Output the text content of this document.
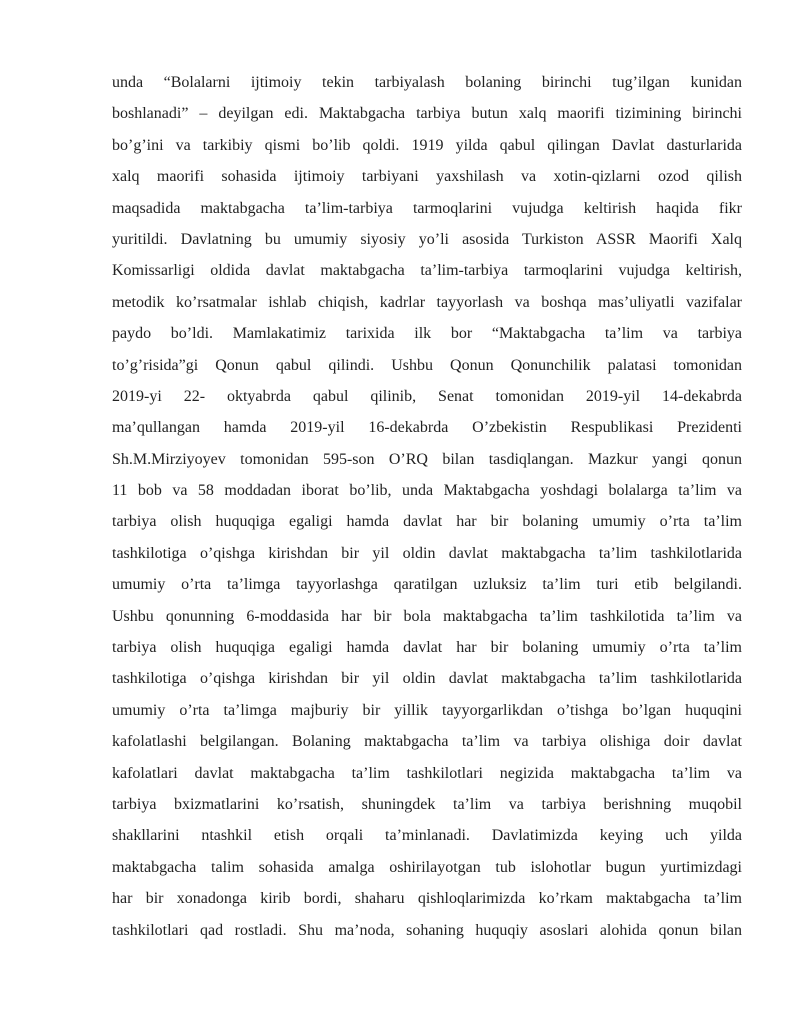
unda “Bolalarni ijtimoiy tekin tarbiyalash bolaning birinchi tug’ilgan kunidan
boshlanadi” – deyilgan edi. Maktabgacha tarbiya butun xalq maorifi tizimining birinchi
bo’g’ini va tarkibiy qismi bo’lib qoldi. 1919 yilda qabul qilingan Davlat dasturlarida
xalq maorifi sohasida ijtimoiy tarbiyani yaxshilash va xotin-qizlarni ozod qilish
maqsadida maktabgacha ta’lim-tarbiya tarmoqlarini vujudga keltirish haqida fikr
yuritildi. Davlatning bu umumiy siyosiy yo’li asosida Turkiston ASSR Maorifi Xalq
Komissarligi oldida davlat maktabgacha ta’lim-tarbiya tarmoqlarini vujudga keltirish,
metodik ko’rsatmalar ishlab chiqish, kadrlar tayyorlash va boshqa mas’uliyatli vazifalar
paydo bo’ldi. Mamlakatimiz tarixida ilk bor “Maktabgacha ta’lim va tarbiya
to’g’risida”gi Qonun qabul qilindi. Ushbu Qonun Qonunchilik palatasi tomonidan
2019-yi 22- oktyabrda qabul qilinib, Senat tomonidan 2019-yil 14-dekabrda
ma’qullangan hamda 2019-yil 16-dekabrda O’zbekistin Respublikasi Prezidenti
Sh.M.Mirziyoyev tomonidan 595-son O’RQ bilan tasdiqlangan. Mazkur yangi qonun
11 bob va 58 moddadan iborat bo’lib, unda Maktabgacha yoshdagi bolalarga ta’lim va
tarbiya olish huquqiga egaligi hamda davlat har bir bolaning umumiy o’rta ta’lim
tashkilotiga o’qishga kirishdan bir yil oldin davlat maktabgacha ta’lim tashkilotlarida
umumiy o’rta ta’limga tayyorlashga qaratilgan uzluksiz ta’lim turi etib belgilandi.
Ushbu qonunning 6-moddasida har bir bola maktabgacha ta’lim tashkilotida ta’lim va
tarbiya olish huquqiga egaligi hamda davlat har bir bolaning umumiy o’rta ta’lim
tashkilotiga o’qishga kirishdan bir yil oldin davlat maktabgacha ta’lim tashkilotlarida
umumiy o’rta ta’limga majburiy bir yillik tayyorgarlikdan o’tishga bo’lgan huquqini
kafolatlashi belgilangan. Bolaning maktabgacha ta’lim va tarbiya olishiga doir davlat
kafolatlari davlat maktabgacha ta’lim tashkilotlari negizida maktabgacha ta’lim va
tarbiya bxizmatlarini ko’rsatish, shuningdek ta’lim va tarbiya berishning muqobil
shakllarini ntashkil etish orqali ta’minlanadi. Davlatimizda keying uch yilda
maktabgacha talim sohasida amalga oshirilayotgan tub islohotlar bugun yurtimizdagi
har bir xonadonga kirib bordi, shaharu qishloqlarimizda ko’rkam maktabgacha ta’lim
tashkilotlari qad rostladi. Shu ma’noda, sohaning huquqiy asoslari alohida qonun bilan
